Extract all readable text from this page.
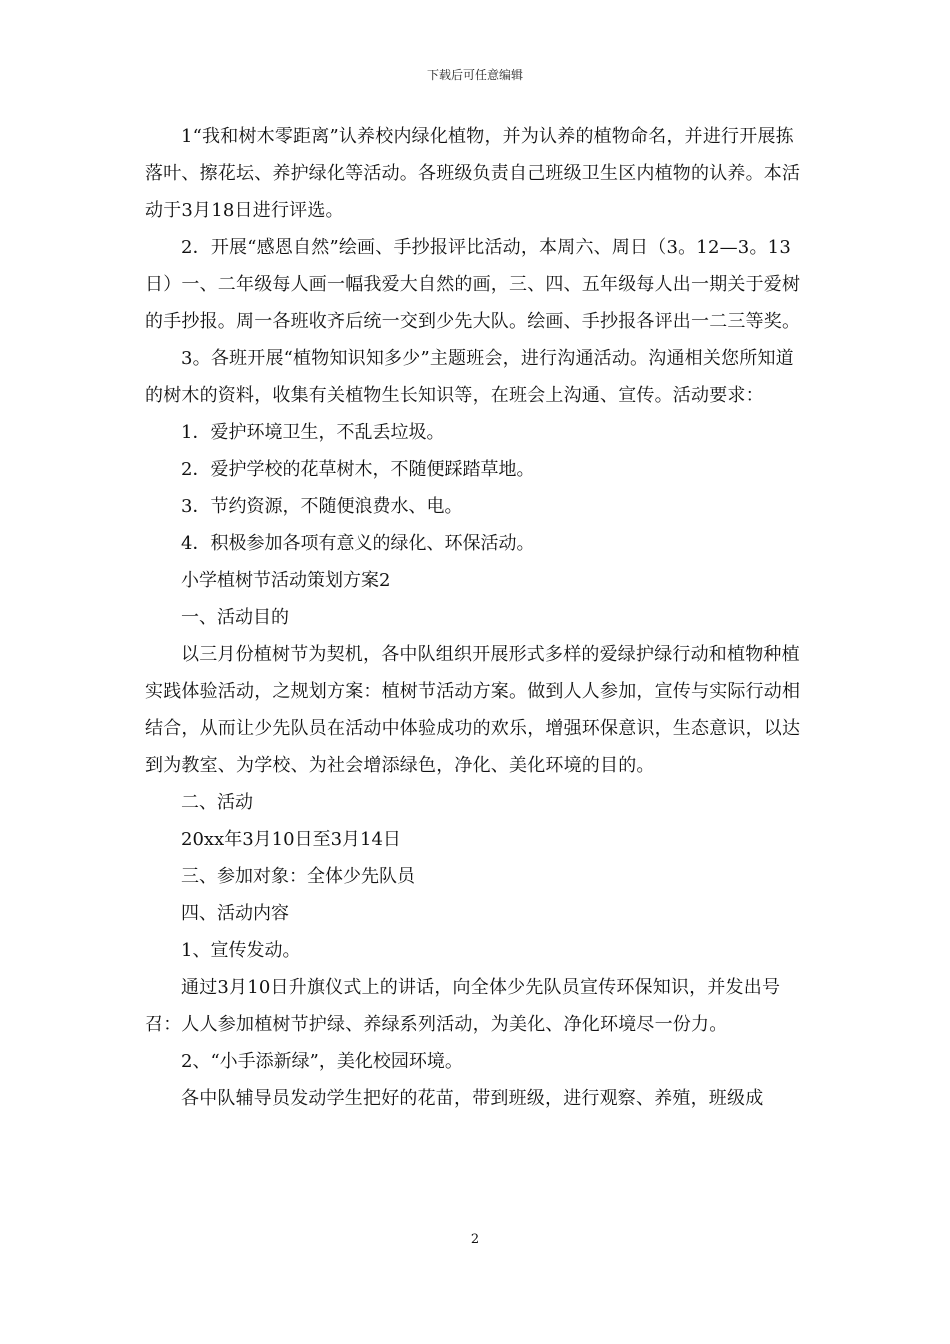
下载后可任意编辑

1“我和树木零距离”认养校内绿化植物，并为认养的植物命名，并进行开展拣落叶、擦花坛、养护绿化等活动。各班级负责自己班级卫生区内植物的认养。本活动于3月18日进行评选。

2．开展“感恩自然”绘画、手抄报评比活动，本周六、周日（3。12—3。13日）一、二年级每人画一幅我爱大自然的画，三、四、五年级每人出一期关于爱树的手抄报。周一各班收齐后统一交到少先大队。绘画、手抄报各评出一二三等奖。

3。各班开展“植物知识知多少”主题班会，进行沟通活动。沟通相关您所知道的树木的资料，收集有关植物生长知识等，在班会上沟通、宣传。活动要求：

1．爱护环境卫生，不乱丢垃圾。

2．爱护学校的花草树木，不随便踩踏草地。

3．节约资源，不随便浪费水、电。

4．积极参加各项有意义的绿化、环保活动。

小学植树节活动策划方案2

一、活动目的

以三月份植树节为契机，各中队组织开展形式多样的爱绿护绿行动和植物种植实践体验活动，之规划方案：植树节活动方案。做到人人参加，宣传与实际行动相结合，从而让少先队员在活动中体验成功的欢乐，增强环保意识，生态意识，以达到为教室、为学校、为社会增添绿色，净化、美化环境的目的。

二、活动

20xx年3月10日至3月14日

三、参加对象：全体少先队员

四、活动内容

1、宣传发动。

通过3月10日升旗仪式上的讲话，向全体少先队员宣传环保知识，并发出号召：人人参加植树节护绿、养绿系列活动，为美化、净化环境尽一份力。

2、“小手添新绿”，美化校园环境。

各中队辅导员发动学生把好的花苗，带到班级，进行观察、养殖，班级成

2
